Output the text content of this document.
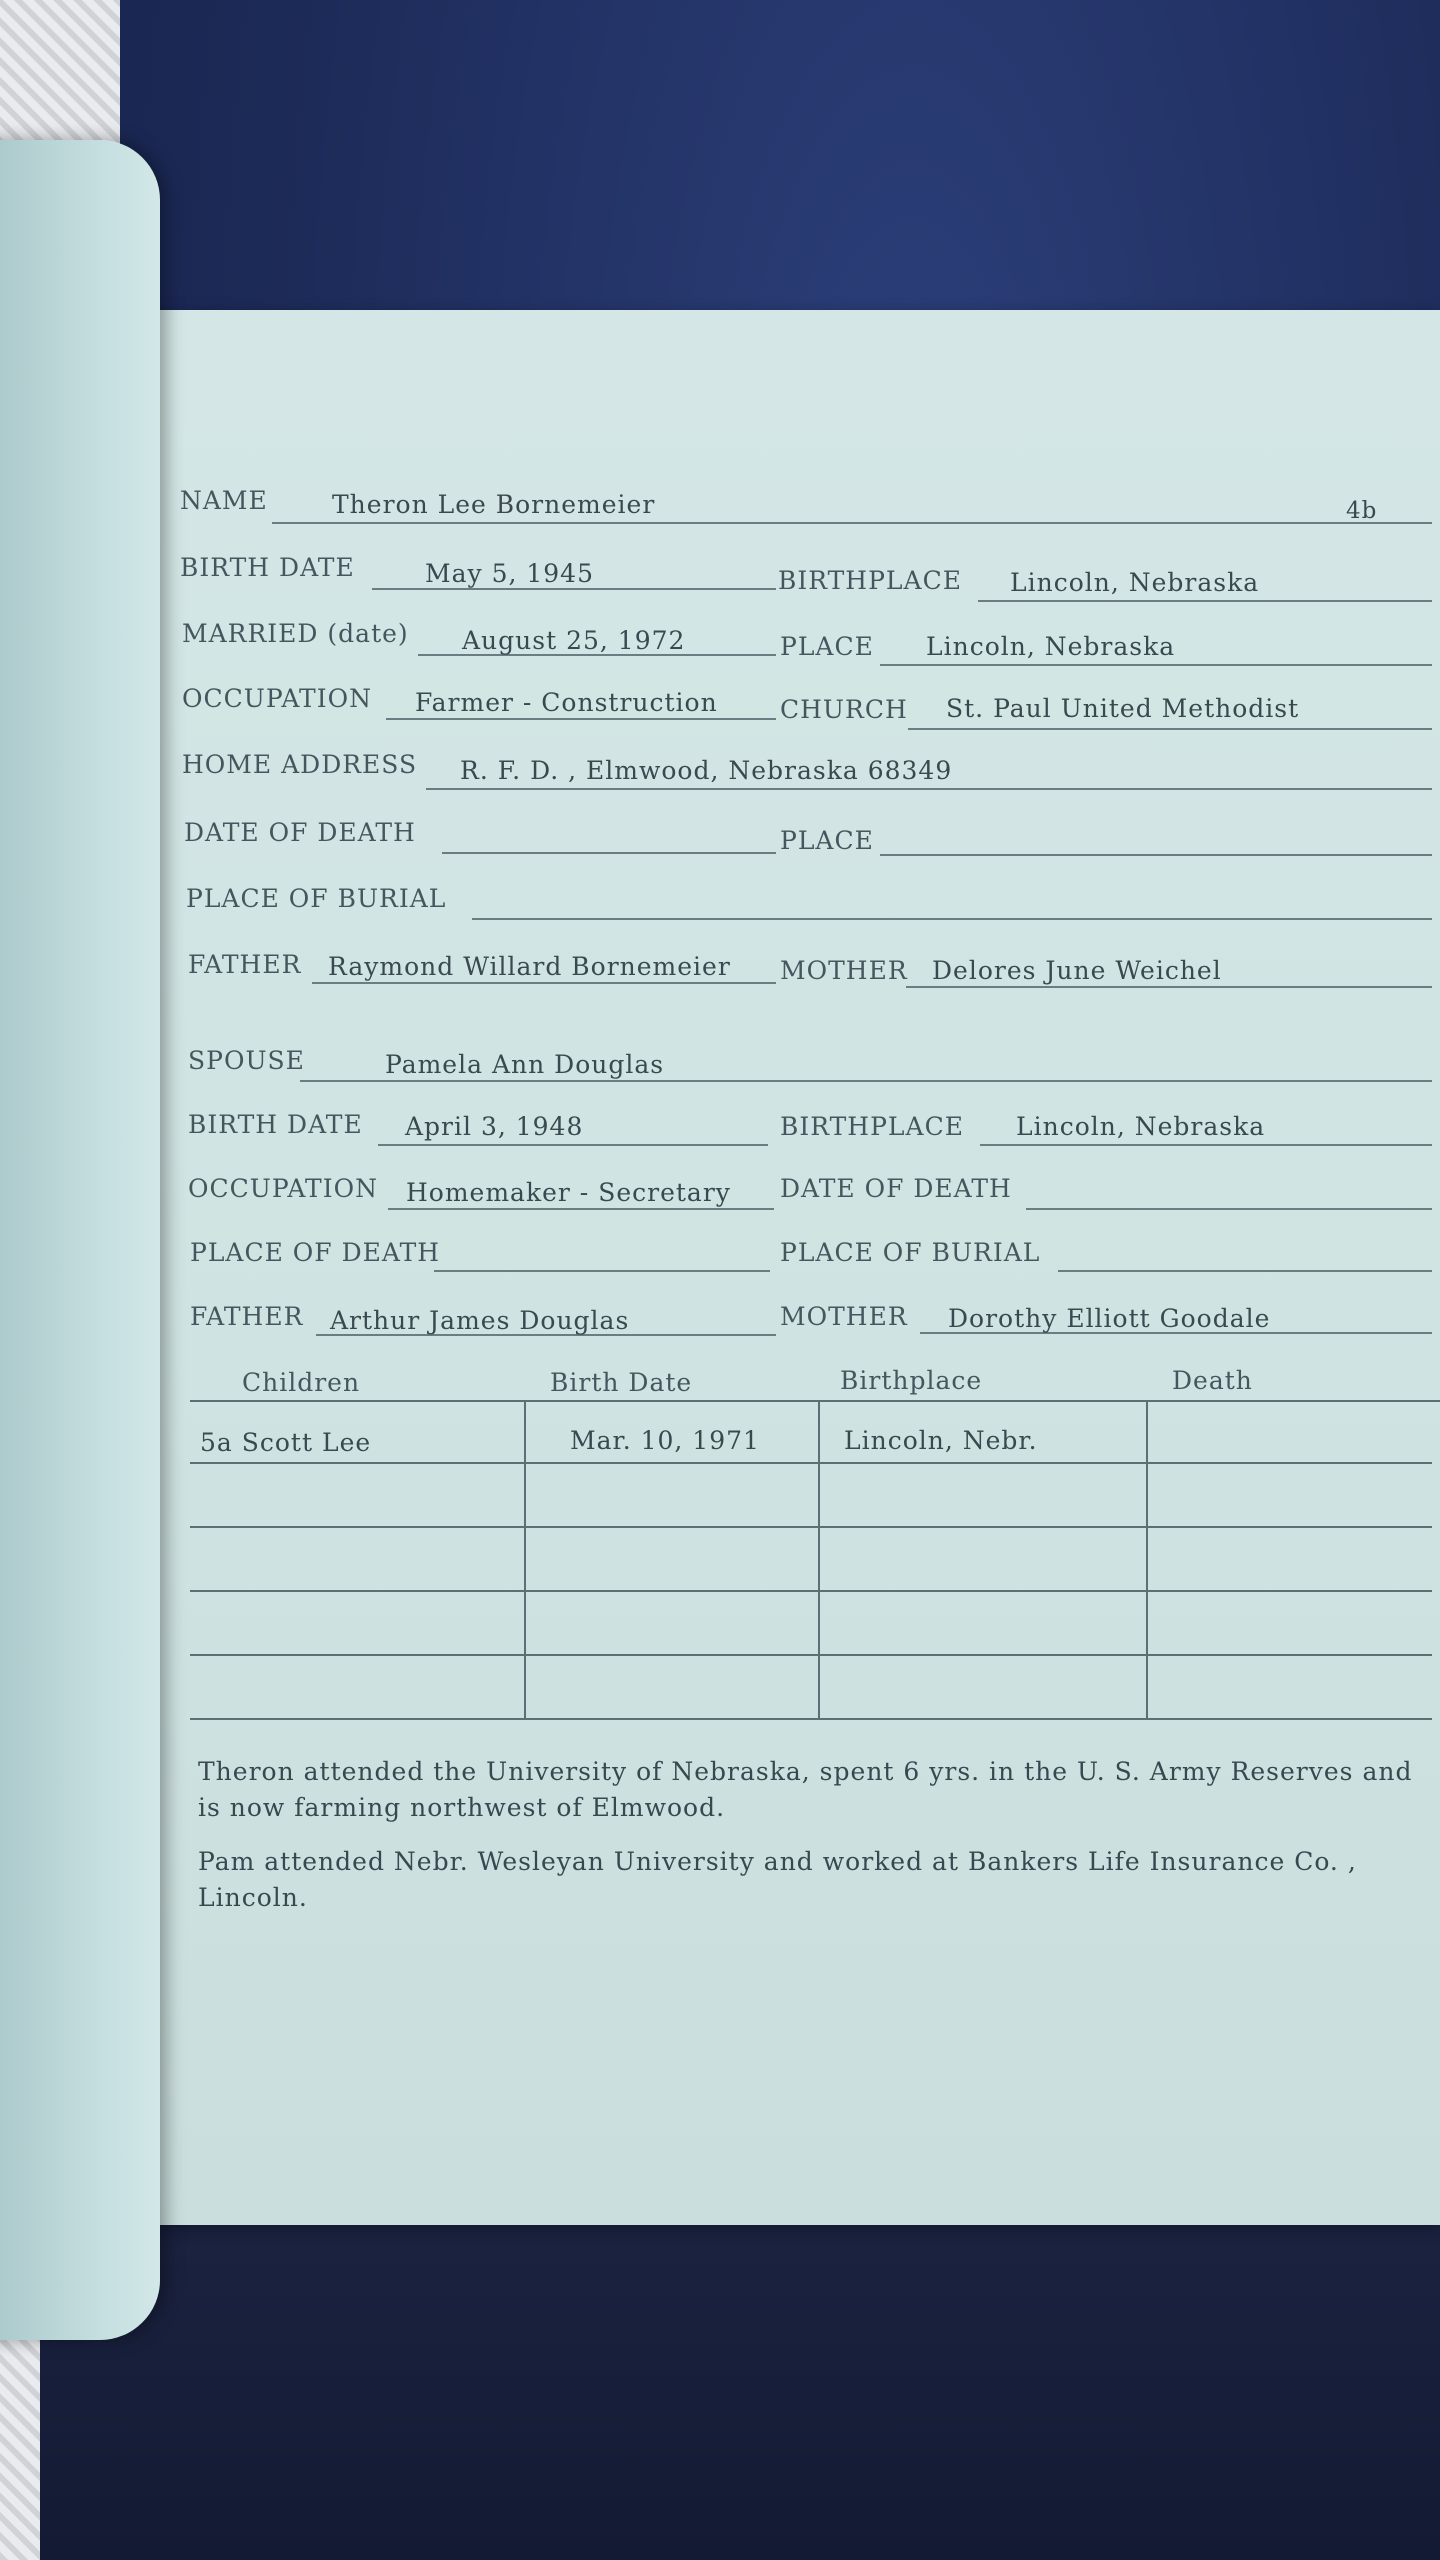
NAME	Theron Lee Bornemeier	4b
BIRTH DATE	May 5, 1945	BIRTHPLACE Lincoln, Nebraska
MARRIED (date) August 25, 1972	PLACE Lincoln, Nebraska
OCCUPATION Farmer - Construction CHURCH St. Paul United Methodist
HOME ADDRESS R. F. D. , Elmwood, Nebraska 68349
DATE OF DEATH	PLACE
PLACE OF BURIAL
FATHER Raymond Willard Bornemeier MOTHER Delores June Weichel
SPOUSE	Pamela Ann Douglas
BIRTH DATE April 3, 1948	BIRTHPLACE Lincoln, Nebraska
OCCUPATION Homemaker - Secretary DATE OF DEATH
PLACE OF DEATH	PLACE OF BURIAL
FATHER Arthur James Douglas	MOTHER Dorothy Elliott Goodale
Children	Birth Date	Birthplace	Death
5a Scott Lee	Mar. 10, 1971	Lincoln, Nebr.
Theron attended the University of Nebraska, spent 6 yrs. in the U. S. Army Reserves and is now farming northwest of Elmwood.
Pam attended Nebr. Wesleyan University and worked at Bankers Life Insurance Co. , Lincoln.
